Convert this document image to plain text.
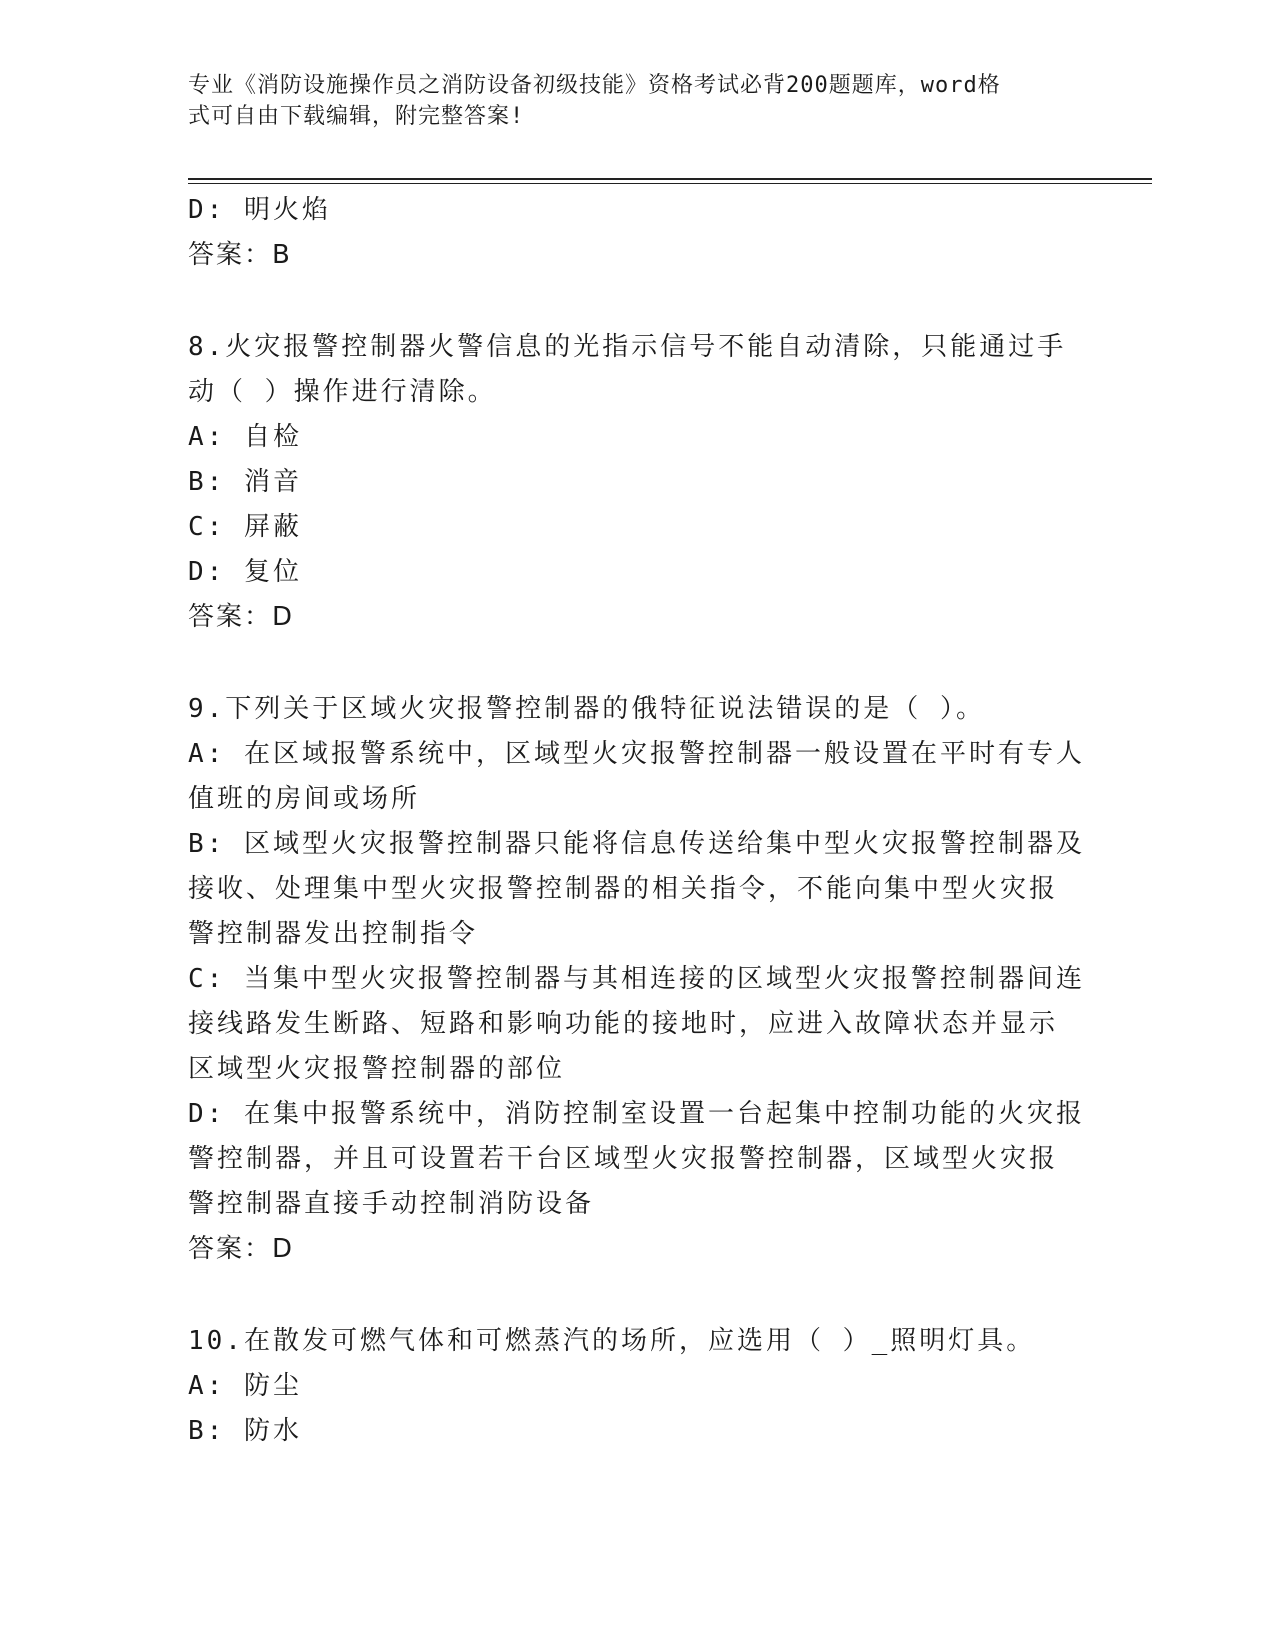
专业《消防设施操作员之消防设备初级技能》资格考试必背200题题库，word格
式可自由下载编辑，附完整答案!
D: 明火焰
答案：B
8.火灾报警控制器火警信息的光指示信号不能自动清除，只能通过手
动（ ）操作进行清除。
A: 自检
B: 消音
C: 屏蔽
D: 复位
答案：D
9.下列关于区域火灾报警控制器的俄特征说法错误的是（ ）。
A: 在区域报警系统中，区域型火灾报警控制器一般设置在平时有专人
值班的房间或场所
B: 区域型火灾报警控制器只能将信息传送给集中型火灾报警控制器及
接收、处理集中型火灾报警控制器的相关指令，不能向集中型火灾报
警控制器发出控制指令
C: 当集中型火灾报警控制器与其相连接的区域型火灾报警控制器间连
接线路发生断路、短路和影响功能的接地时，应进入故障状态并显示
区域型火灾报警控制器的部位
D: 在集中报警系统中，消防控制室设置一台起集中控制功能的火灾报
警控制器，并且可设置若干台区域型火灾报警控制器，区域型火灾报
警控制器直接手动控制消防设备
答案：D
10.在散发可燃气体和可燃蒸汽的场所，应选用（ ）_照明灯具。
A: 防尘
B: 防水
